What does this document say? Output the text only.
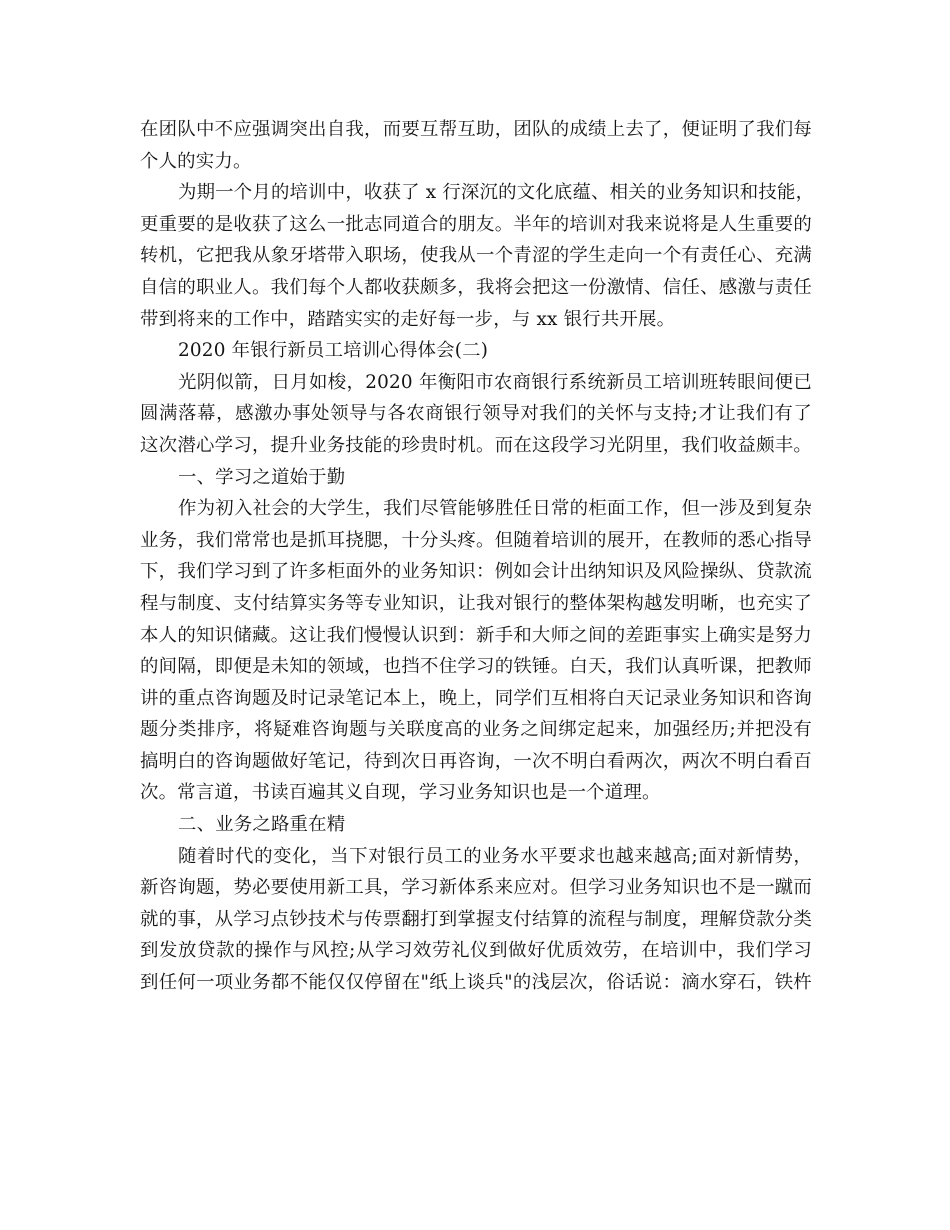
在团队中不应强调突出自我，而要互帮互助，团队的成绩上去了，便证明了我们每
个人的实力。
为期一个月的培训中，收获了 x 行深沉的文化底蕴、相关的业务知识和技能，
更重要的是收获了这么一批志同道合的朋友。半年的培训对我来说将是人生重要的
转机，它把我从象牙塔带入职场，使我从一个青涩的学生走向一个有责任心、充满
自信的职业人。我们每个人都收获颇多，我将会把这一份激情、信任、感激与责任
带到将来的工作中，踏踏实实的走好每一步，与 xx 银行共开展。
2020 年银行新员工培训心得体会(二)
光阴似箭，日月如梭，2020 年衡阳市农商银行系统新员工培训班转眼间便已
圆满落幕，感激办事处领导与各农商银行领导对我们的关怀与支持;才让我们有了
这次潜心学习，提升业务技能的珍贵时机。而在这段学习光阴里，我们收益颇丰。
一、学习之道始于勤
作为初入社会的大学生，我们尽管能够胜任日常的柜面工作，但一涉及到复杂
业务，我们常常也是抓耳挠腮，十分头疼。但随着培训的展开，在教师的悉心指导
下，我们学习到了许多柜面外的业务知识：例如会计出纳知识及风险操纵、贷款流
程与制度、支付结算实务等专业知识，让我对银行的整体架构越发明晰，也充实了
本人的知识储藏。这让我们慢慢认识到：新手和大师之间的差距事实上确实是努力
的间隔，即便是未知的领域，也挡不住学习的铁锤。白天，我们认真听课，把教师
讲的重点咨询题及时记录笔记本上，晚上，同学们互相将白天记录业务知识和咨询
题分类排序，将疑难咨询题与关联度高的业务之间绑定起来，加强经历;并把没有
搞明白的咨询题做好笔记，待到次日再咨询，一次不明白看两次，两次不明白看百
次。常言道，书读百遍其义自现，学习业务知识也是一个道理。
二、业务之路重在精
随着时代的变化，当下对银行员工的业务水平要求也越来越高;面对新情势，
新咨询题，势必要使用新工具，学习新体系来应对。但学习业务知识也不是一蹴而
就的事，从学习点钞技术与传票翻打到掌握支付结算的流程与制度，理解贷款分类
到发放贷款的操作与风控;从学习效劳礼仪到做好优质效劳，在培训中，我们学习
到任何一项业务都不能仅仅停留在"纸上谈兵"的浅层次，俗话说：滴水穿石，铁杵
